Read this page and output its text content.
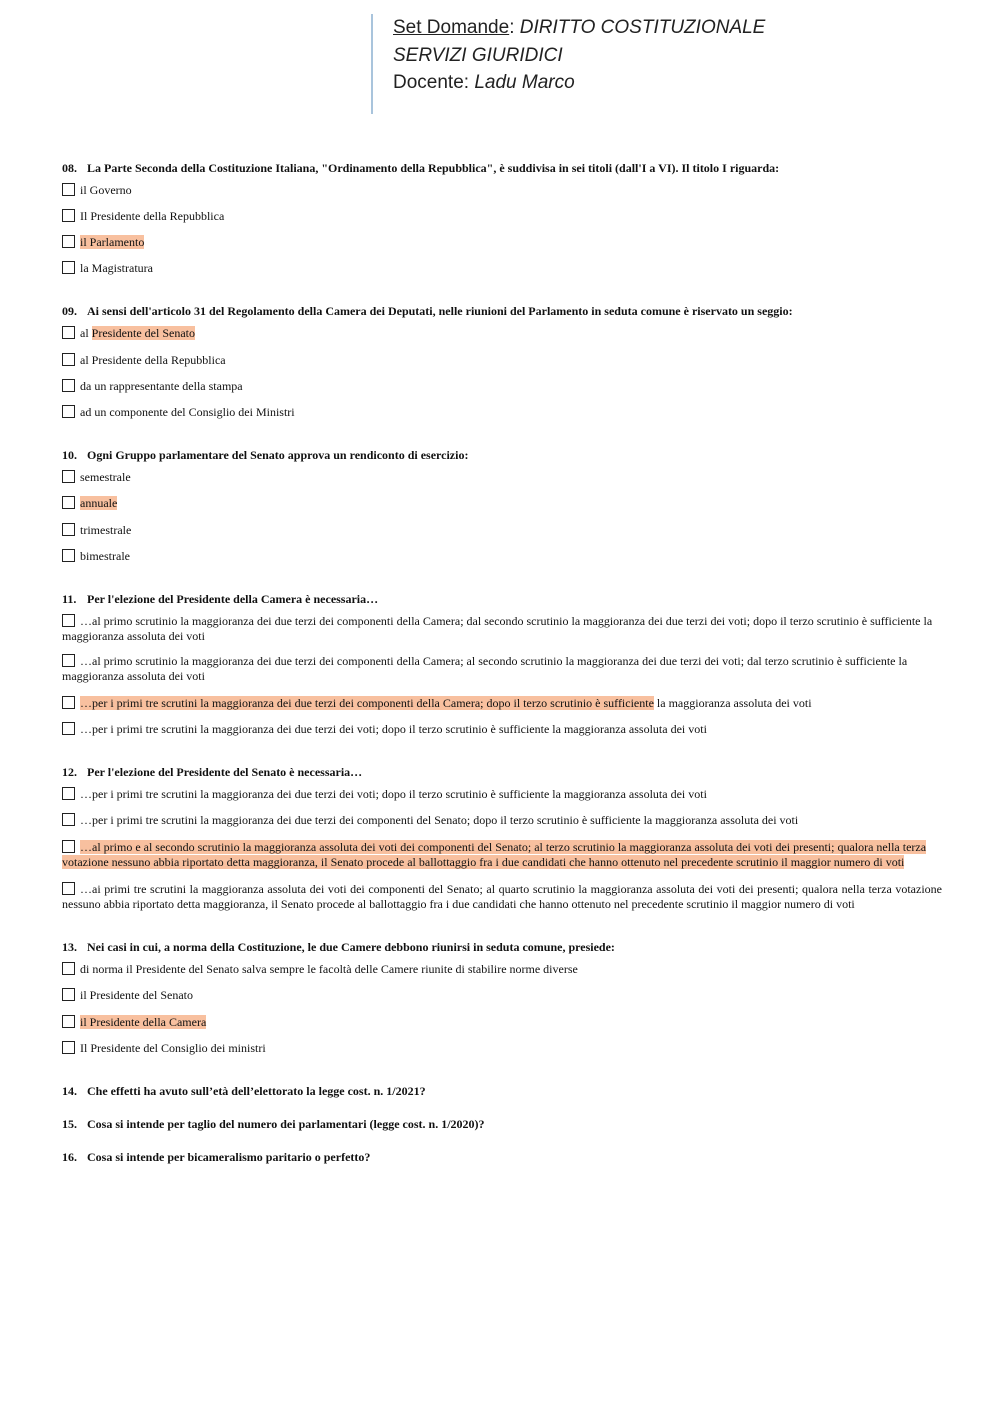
Set Domande: DIRITTO COSTITUZIONALE
SERVIZI GIURIDICI
Docente: Ladu Marco
08. La Parte Seconda della Costituzione Italiana, "Ordinamento della Repubblica", è suddivisa in sei titoli (dall'I a VI). Il titolo I riguarda:
il Governo
Il Presidente della Repubblica
il Parlamento
la Magistratura
09. Ai sensi dell'articolo 31 del Regolamento della Camera dei Deputati, nelle riunioni del Parlamento in seduta comune è riservato un seggio:
al Presidente del Senato
al Presidente della Repubblica
da un rappresentante della stampa
ad un componente del Consiglio dei Ministri
10. Ogni Gruppo parlamentare del Senato approva un rendiconto di esercizio:
semestrale
annuale
trimestrale
bimestrale
11. Per l'elezione del Presidente della Camera è necessaria…
…al primo scrutinio la maggioranza dei due terzi dei componenti della Camera; dal secondo scrutinio la maggioranza dei due terzi dei voti; dopo il terzo scrutinio è sufficiente la maggioranza assoluta dei voti
…al primo scrutinio la maggioranza dei due terzi dei componenti della Camera; al secondo scrutinio la maggioranza dei due terzi dei voti; dal terzo scrutinio è sufficiente la maggioranza assoluta dei voti
…per i primi tre scrutini la maggioranza dei due terzi dei componenti della Camera; dopo il terzo scrutinio è sufficiente la maggioranza assoluta dei voti
…per i primi tre scrutini la maggioranza dei due terzi dei voti; dopo il terzo scrutinio è sufficiente la maggioranza assoluta dei voti
12. Per l'elezione del Presidente del Senato è necessaria…
…per i primi tre scrutini la maggioranza dei due terzi dei voti; dopo il terzo scrutinio è sufficiente la maggioranza assoluta dei voti
…per i primi tre scrutini la maggioranza dei due terzi dei componenti del Senato; dopo il terzo scrutinio è sufficiente la maggioranza assoluta dei voti
…al primo e al secondo scrutinio la maggioranza assoluta dei voti dei componenti del Senato; al terzo scrutinio la maggioranza assoluta dei voti dei presenti; qualora nella terza votazione nessuno abbia riportato detta maggioranza, il Senato procede al ballottaggio fra i due candidati che hanno ottenuto nel precedente scrutinio il maggior numero di voti
…ai primi tre scrutini la maggioranza assoluta dei voti dei componenti del Senato; al quarto scrutinio la maggioranza assoluta dei voti dei presenti; qualora nella terza votazione nessuno abbia riportato detta maggioranza, il Senato procede al ballottaggio fra i due candidati che hanno ottenuto nel precedente scrutinio il maggior numero di voti
13. Nei casi in cui, a norma della Costituzione, le due Camere debbono riunirsi in seduta comune, presiede:
di norma il Presidente del Senato salva sempre le facoltà delle Camere riunite di stabilire norme diverse
il Presidente del Senato
il Presidente della Camera
Il Presidente del Consiglio dei ministri
14. Che effetti ha avuto sull’età dell’elettorato la legge cost. n. 1/2021?
15. Cosa si intende per taglio del numero dei parlamentari (legge cost. n. 1/2020)?
16. Cosa si intende per bicameralismo paritario o perfetto?
